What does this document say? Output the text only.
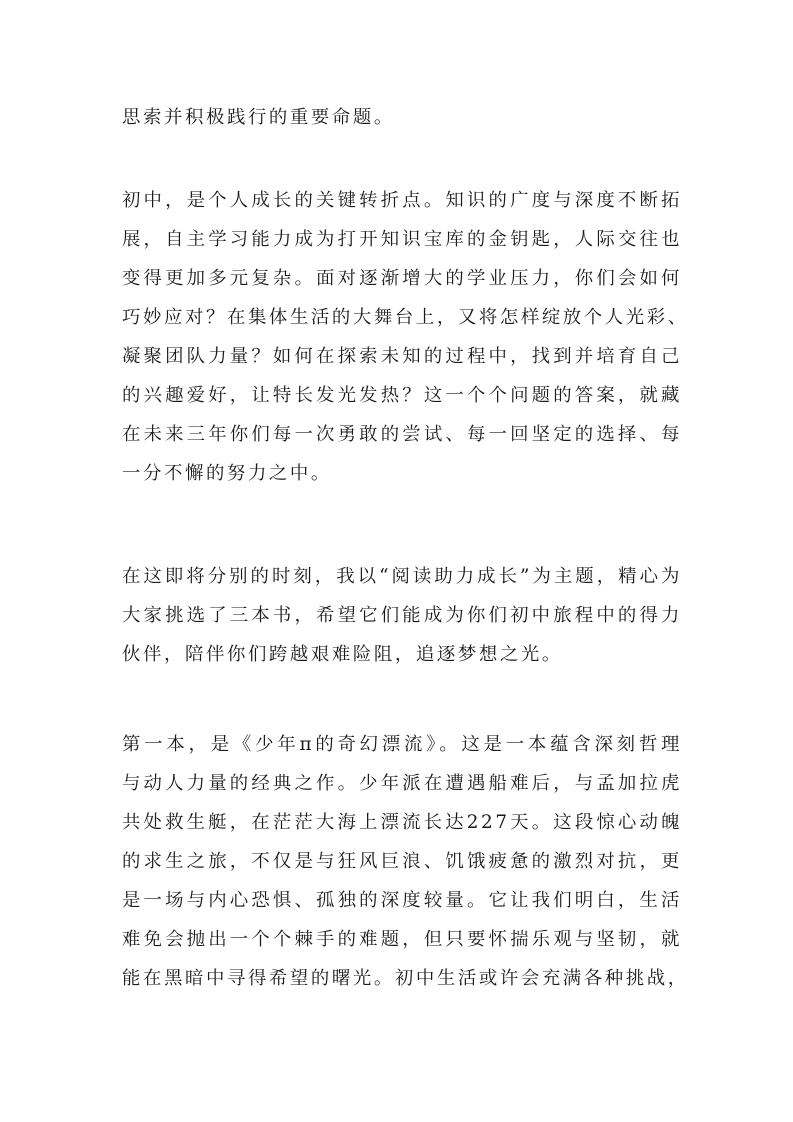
思索并积极践行的重要命题。
初中，是个人成长的关键转折点。知识的广度与深度不断拓
展，自主学习能力成为打开知识宝库的金钥匙，人际交往也
变得更加多元复杂。面对逐渐增大的学业压力，你们会如何
巧妙应对？在集体生活的大舞台上，又将怎样绽放个人光彩、
凝聚团队力量？如何在探索未知的过程中，找到并培育自己
的兴趣爱好，让特长发光发热？这一个个问题的答案，就藏
在未来三年你们每一次勇敢的尝试、每一回坚定的选择、每
一分不懈的努力之中。
在这即将分别的时刻，我以“阅读助力成长”为主题，精心为
大家挑选了三本书，希望它们能成为你们初中旅程中的得力
伙伴，陪伴你们跨越艰难险阻，追逐梦想之光。
第一本，是《少年π的奇幻漂流》。这是一本蕴含深刻哲理
与动人力量的经典之作。少年派在遭遇船难后，与孟加拉虎
共处救生艇，在茫茫大海上漂流长达227天。这段惊心动魄
的求生之旅，不仅是与狂风巨浪、饥饿疲惫的激烈对抗，更
是一场与内心恐惧、孤独的深度较量。它让我们明白，生活
难免会抛出一个个棘手的难题，但只要怀揣乐观与坚韧，就
能在黑暗中寻得希望的曙光。初中生活或许会充满各种挑战，
